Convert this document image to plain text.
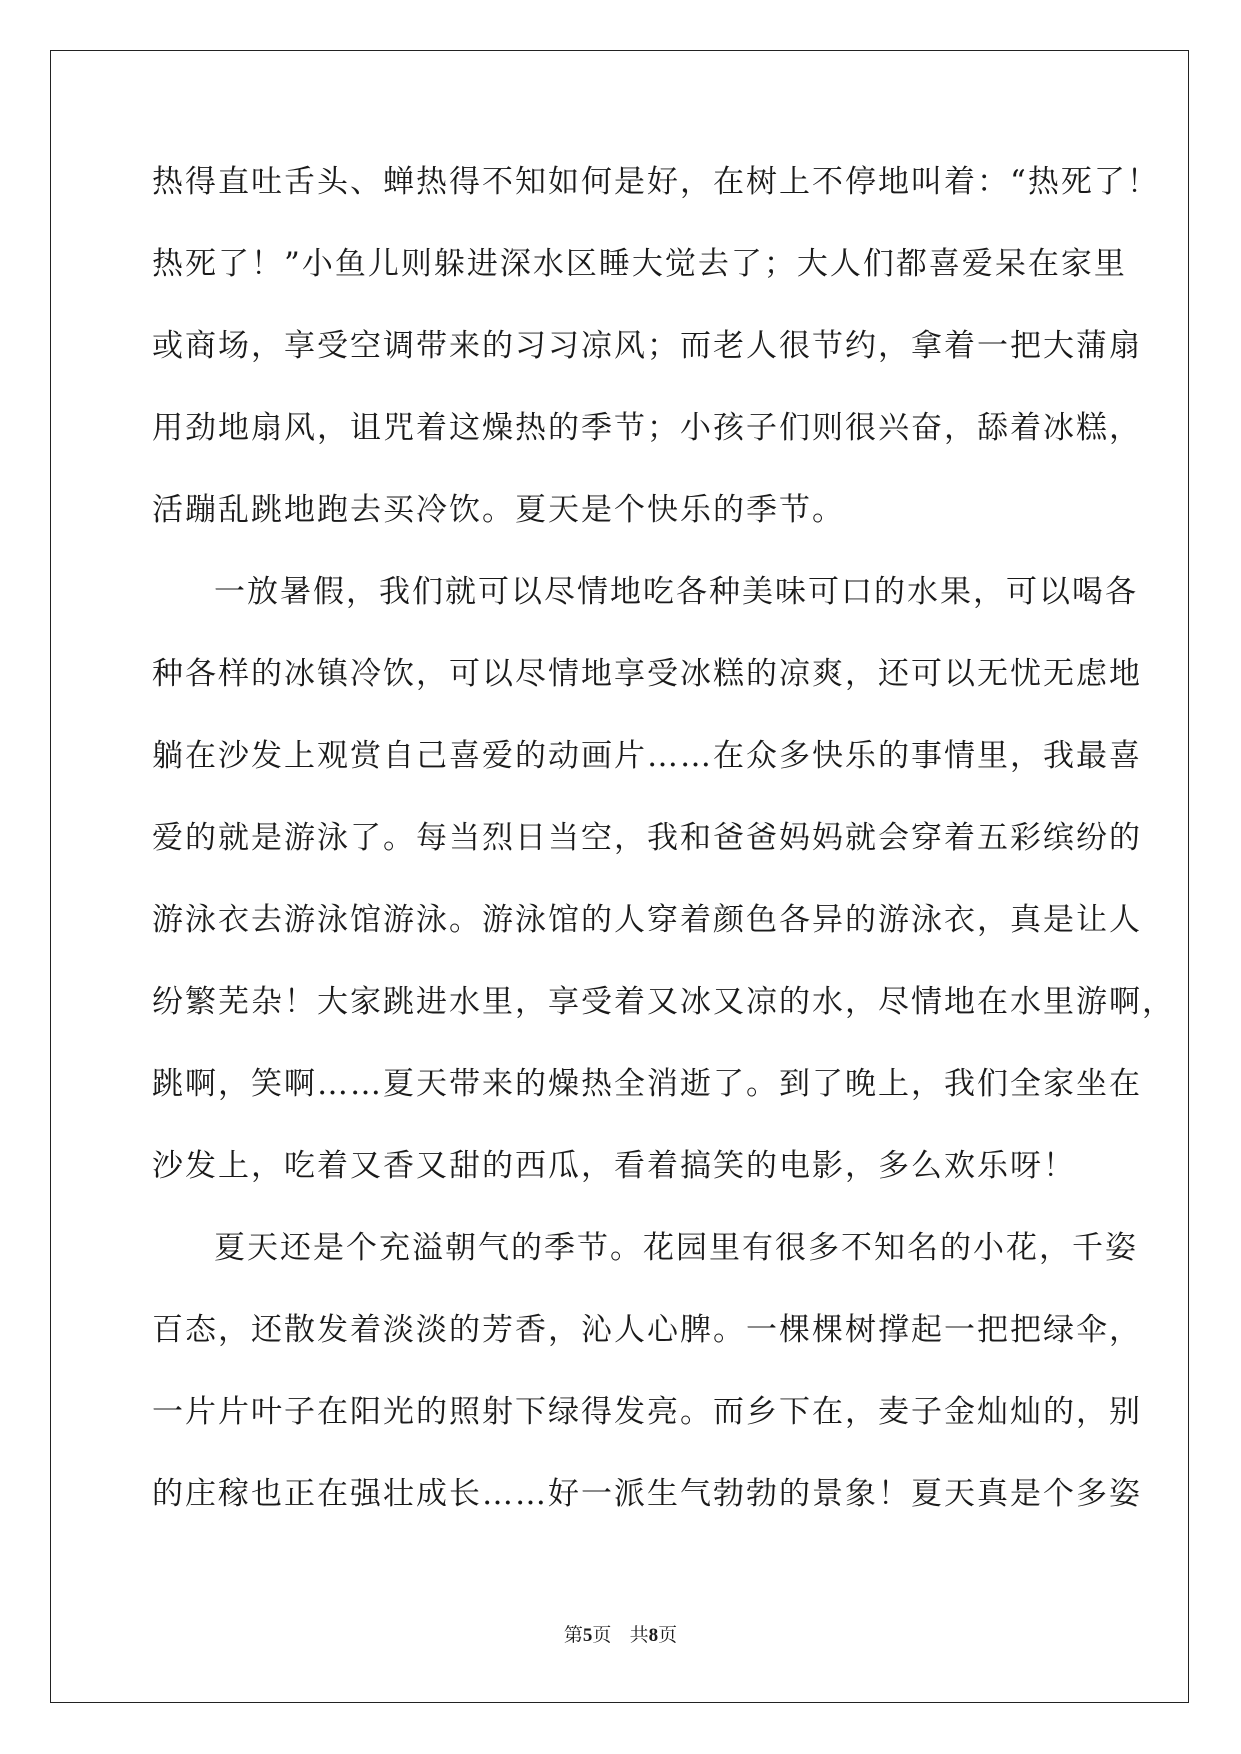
热得直吐舌头、蝉热得不知如何是好，在树上不停地叫着：“热死了！
热死了！”小鱼儿则躲进深水区睡大觉去了；大人们都喜爱呆在家里
或商场，享受空调带来的习习凉风；而老人很节约，拿着一把大蒲扇
用劲地扇风，诅咒着这燥热的季节；小孩子们则很兴奋，舔着冰糕，
活蹦乱跳地跑去买冷饮。夏天是个快乐的季节。
一放暑假，我们就可以尽情地吃各种美味可口的水果，可以喝各
种各样的冰镇冷饮，可以尽情地享受冰糕的凉爽，还可以无忧无虑地
躺在沙发上观赏自己喜爱的动画片……在众多快乐的事情里，我最喜
爱的就是游泳了。每当烈日当空，我和爸爸妈妈就会穿着五彩缤纷的
游泳衣去游泳馆游泳。游泳馆的人穿着颜色各异的游泳衣，真是让人
纷繁芜杂！大家跳进水里，享受着又冰又凉的水，尽情地在水里游啊，
跳啊，笑啊……夏天带来的燥热全消逝了。到了晚上，我们全家坐在
沙发上，吃着又香又甜的西瓜，看着搞笑的电影，多么欢乐呀！
夏天还是个充溢朝气的季节。花园里有很多不知名的小花，千姿
百态，还散发着淡淡的芳香，沁人心脾。一棵棵树撑起一把把绿伞，
一片片叶子在阳光的照射下绿得发亮。而乡下在，麦子金灿灿的，别
的庄稼也正在强壮成长……好一派生气勃勃的景象！夏天真是个多姿
第5页 共8页
